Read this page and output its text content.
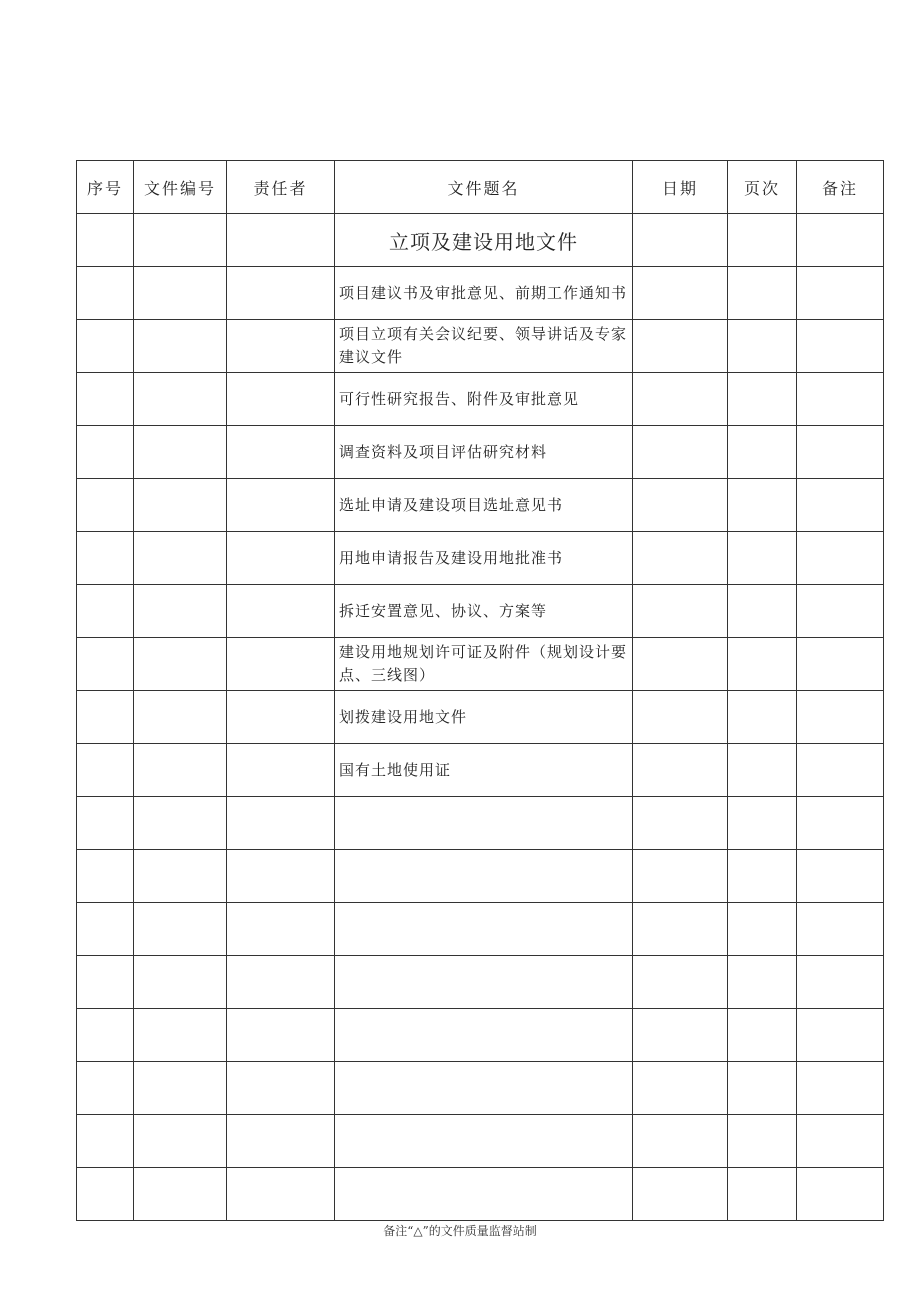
序号	文件编号	责任者	文件题名	日期	页次	备注
			立项及建设用地文件			
			项目建议书及审批意见、前期工作通知书			
			项目立项有关会议纪要、领导讲话及专家建议文件			
			可行性研究报告、附件及审批意见			
			调查资料及项目评估研究材料			
			选址申请及建设项目选址意见书			
			用地申请报告及建设用地批准书			
			拆迁安置意见、协议、方案等			
			建设用地规划许可证及附件（规划设计要点、三线图）			
			划拨建设用地文件			
			国有土地使用证			

备注“△”的文件质量监督站制
